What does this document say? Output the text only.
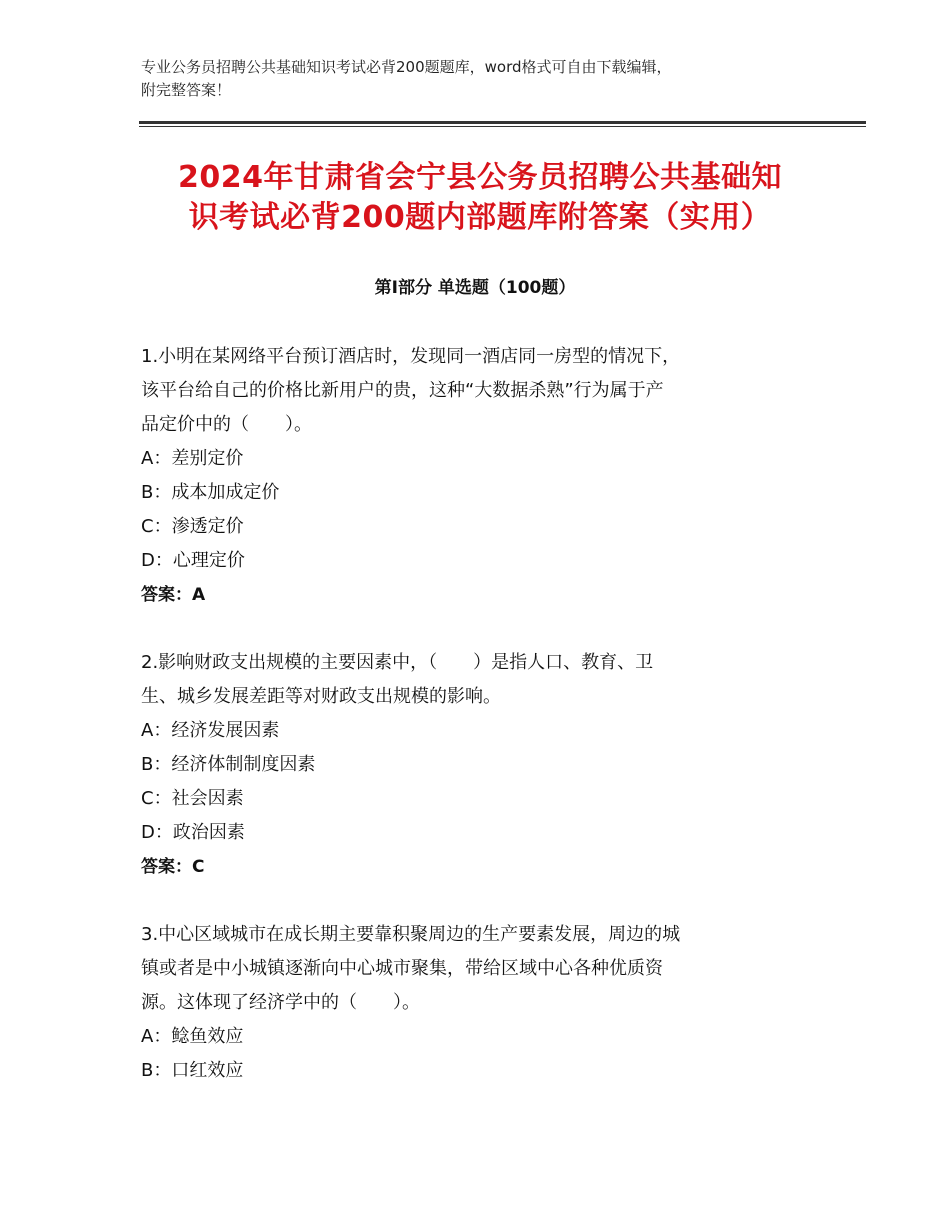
专业公务员招聘公共基础知识考试必背200题题库，word格式可自由下载编辑，
附完整答案！
2024年甘肃省会宁县公务员招聘公共基础知
识考试必背200题内部题库附答案（实用）
第Ⅰ部分 单选题（100题）

1.小明在某网络平台预订酒店时，发现同一酒店同一房型的情况下，

该平台给自己的价格比新用户的贵，这种“大数据杀熟”行为属于产

品定价中的（　　）。

A：差别定价

B：成本加成定价

C：渗透定价

D：心理定价

答案：A

2.影响财政支出规模的主要因素中，（　　）是指人口、教育、卫

生、城乡发展差距等对财政支出规模的影响。

A：经济发展因素

B：经济体制制度因素

C：社会因素

D：政治因素

答案：C

3.中心区域城市在成长期主要靠积聚周边的生产要素发展，周边的城

镇或者是中小城镇逐渐向中心城市聚集，带给区域中心各种优质资

源。这体现了经济学中的（　　）。

A：鲶鱼效应

B：口红效应
